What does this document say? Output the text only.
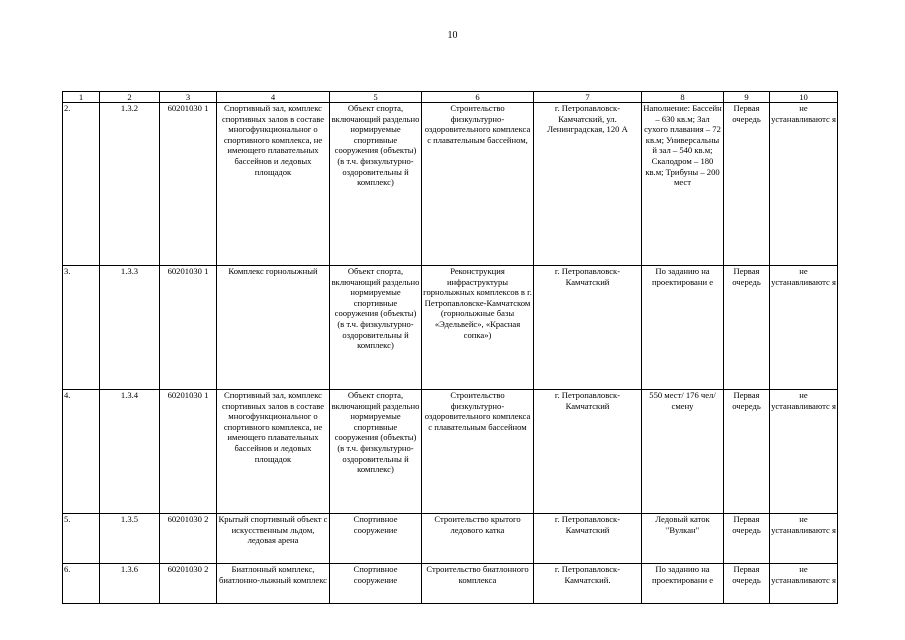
10
1	2	3	4	5	6	7	8	9	10
2.	1.3.2	60201030 1	Спортивный зал, комплекс спортивных залов в составе многофункциональног о спортивного комплекса, не имеющего плавательных бассейнов и ледовых площадок	Объект спорта, включающий раздельно нормируемые спортивные сооружения (объекты) (в т.ч. физкультурно-оздоровительны й комплекс)	Строительство физкультурно-оздоровительного комплекса с плавательным бассейном,	г. Петропавловск-Камчатский, ул. Ленинградская, 120 А	Наполнение: Бассейн – 630 кв.м; Зал сухого плавания – 72 кв.м; Универсальны й зал – 540 кв.м; Скалодром – 180 кв.м; Трибуны – 200 мест	Первая очередь	не устанавливаютс я
3.	1.3.3	60201030 1	Комплекс горнолыжный	Объект спорта, включающий раздельно нормируемые спортивные сооружения (объекты) (в т.ч. физкультурно-оздоровительны й комплекс)	Реконструкция инфраструктуры горнолыжных комплексов в г. Петропавловске-Камчатском (горнолыжные базы «Эдельвейс», «Красная сопка»)	г. Петропавловск-Камчатский	По заданию на проектировани е	Первая очередь	не устанавливаютс я
4.	1.3.4	60201030 1	Спортивный зал, комплекс спортивных залов в составе многофункциональног о спортивного комплекса, не имеющего плавательных бассейнов и ледовых площадок	Объект спорта, включающий раздельно нормируемые спортивные сооружения (объекты) (в т.ч. физкультурно-оздоровительны й комплекс)	Строительство физкультурно-оздоровительного комплекса с плавательным бассейном	г. Петропавловск-Камчатский	550 мест/ 176 чел/смену	Первая очередь	не устанавливаютс я
5.	1.3.5	60201030 2	Крытый спортивный объект с искусственным льдом, ледовая арена	Спортивное сооружение	Строительство крытого ледового катка	г. Петропавловск-Камчатский	Ледовый каток "Вулкан"	Первая очередь	не устанавливаютс я
6.	1.3.6	60201030 2	Биатлонный комплекс, биатлонно-лыжный комплекс	Спортивное сооружение	Строительство биатлонного комплекса	г. Петропавловск-Камчатский.	По заданию на проектировани е	Первая очередь	не устанавливаютс я
